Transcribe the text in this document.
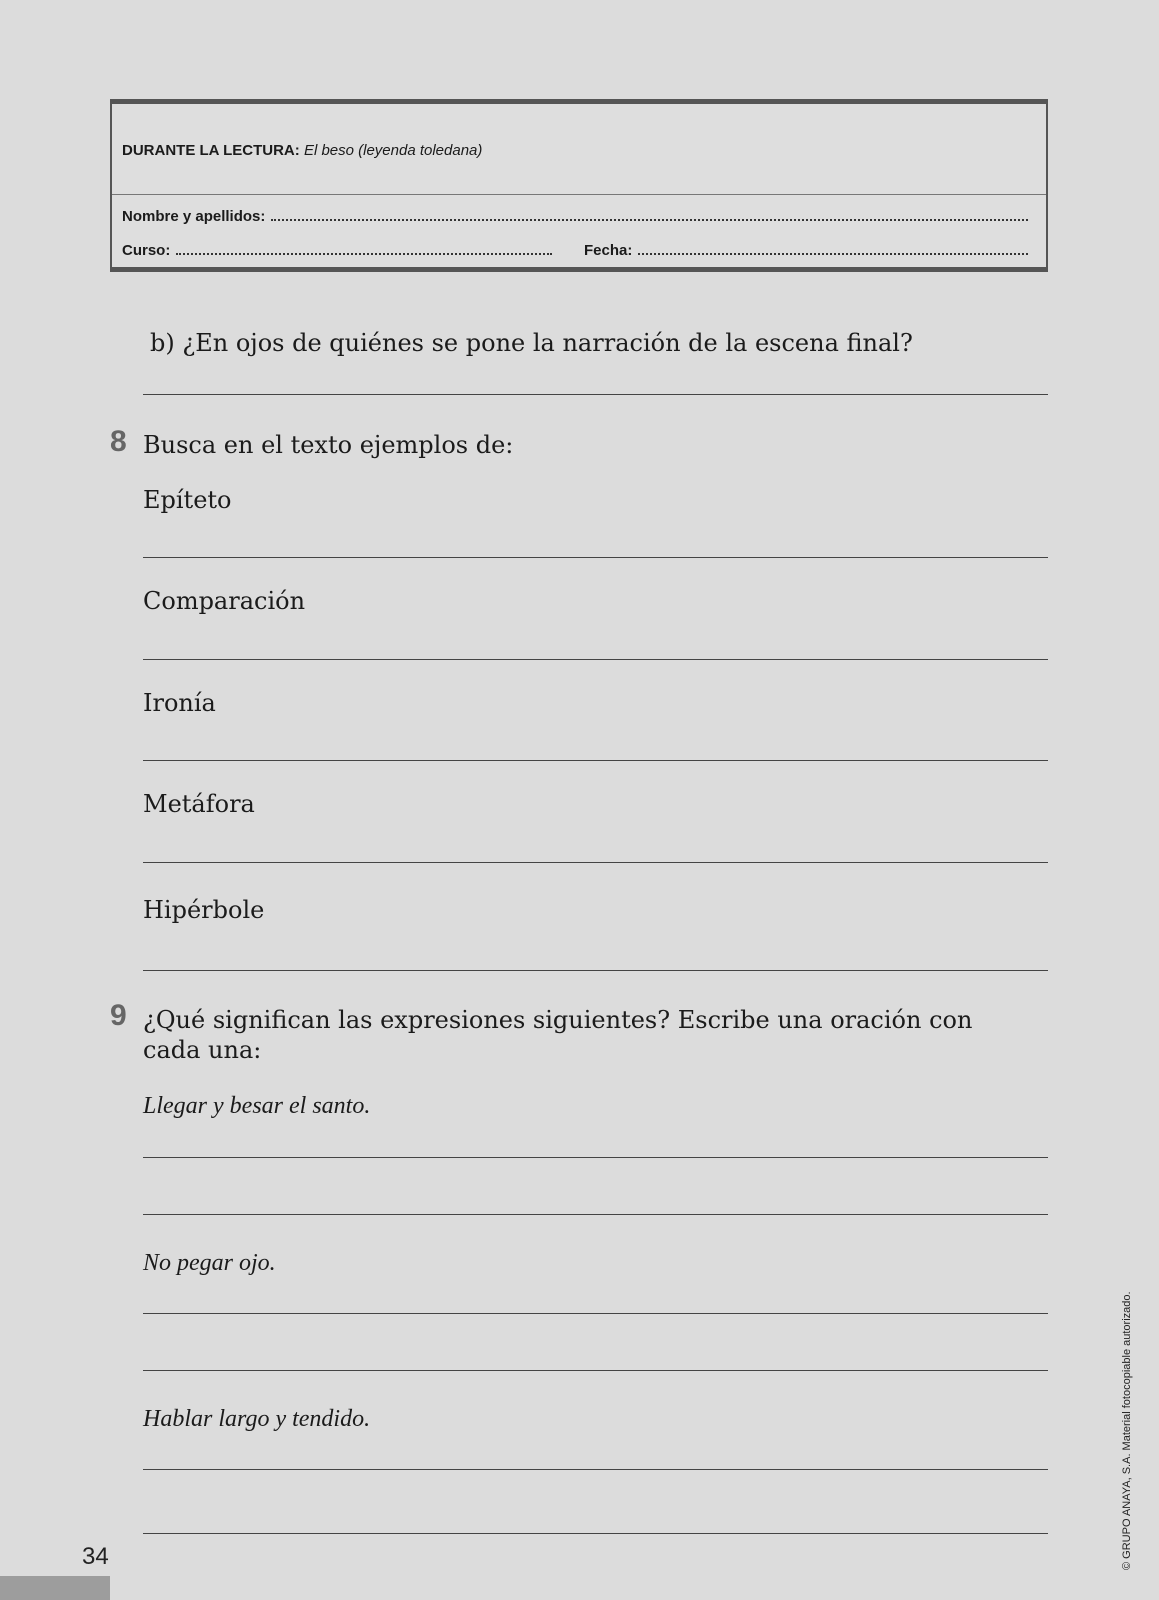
DURANTE LA LECTURA: El beso (leyenda toledana)
Nombre y apellidos:
Curso:	Fecha:
b) ¿En ojos de quiénes se pone la narración de la escena final?
8 Busca en el texto ejemplos de:
Epíteto
Comparación
Ironía
Metáfora
Hipérbole
9 ¿Qué significan las expresiones siguientes? Escribe una oración con
cada una:
Llegar y besar el santo.
No pegar ojo.
Hablar largo y tendido.
34	© GRUPO ANAYA, S.A. Material fotocopiable autorizado.
